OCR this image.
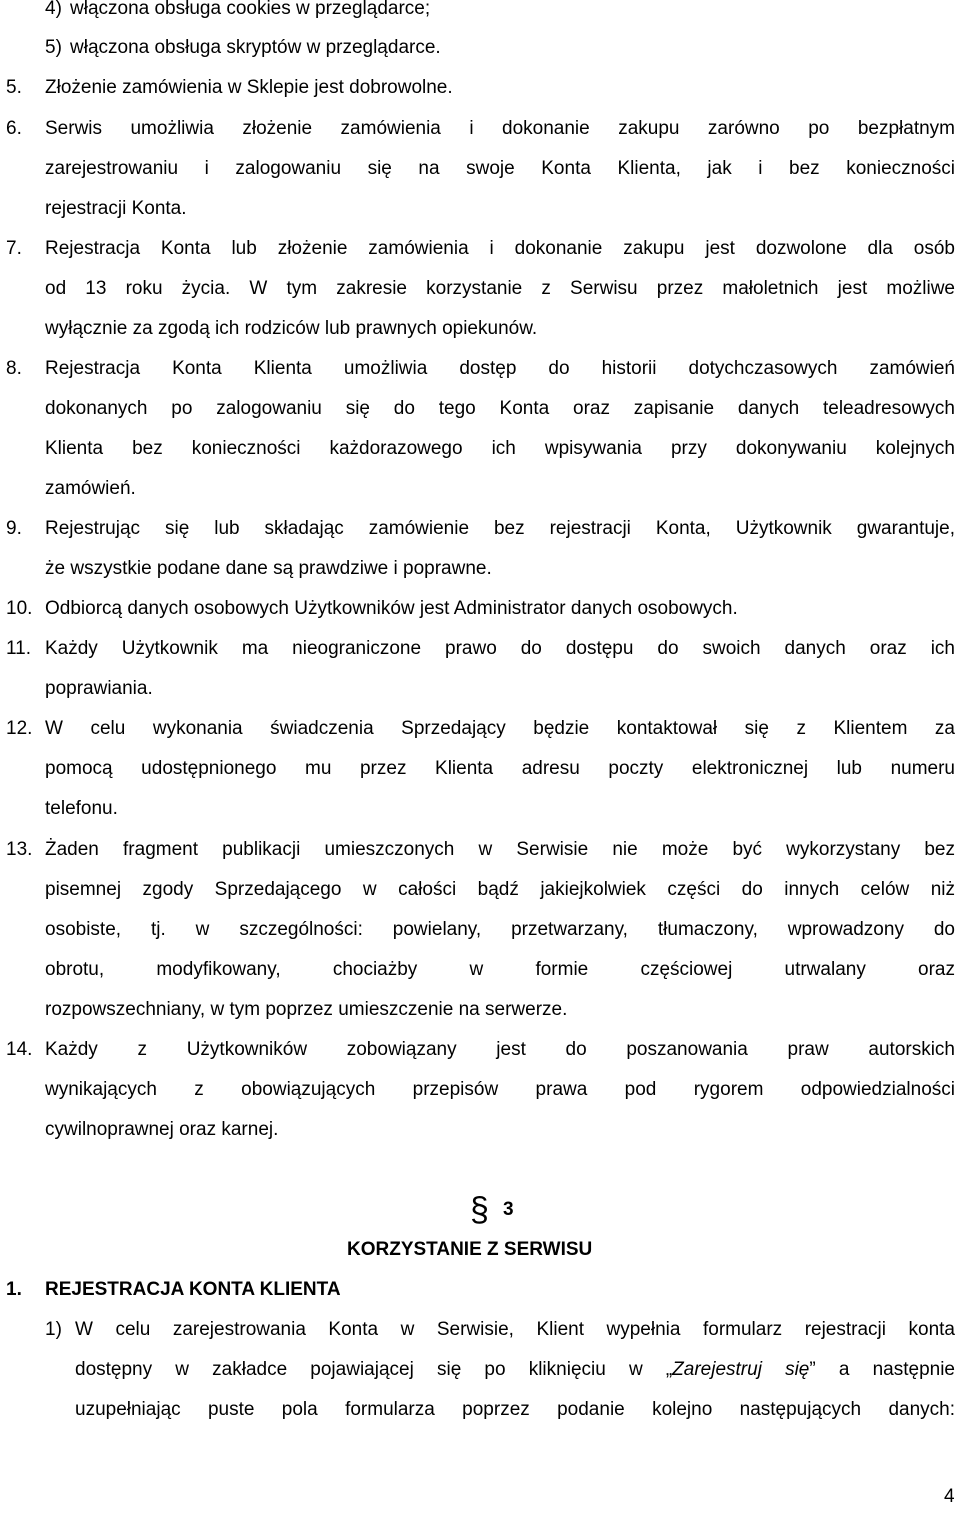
4) włączona obsługa cookies w przeglądarce;
5) włączona obsługa skryptów w przeglądarce.
5. Złożenie zamówienia w Sklepie jest dobrowolne.
6. Serwis umożliwia złożenie zamówienia i dokonanie zakupu zarówno po bezpłatnym
zarejestrowaniu i zalogowaniu się na swoje Konta Klienta, jak i bez konieczności
rejestracji Konta.
7. Rejestracja Konta lub złożenie zamówienia i dokonanie zakupu jest dozwolone dla osób
od 13 roku życia. W tym zakresie korzystanie z Serwisu przez małoletnich jest możliwe
wyłącznie za zgodą ich rodziców lub prawnych opiekunów.
8. Rejestracja Konta Klienta umożliwia dostęp do historii dotychczasowych zamówień
dokonanych po zalogowaniu się do tego Konta oraz zapisanie danych teleadresowych
Klienta bez konieczności każdorazowego ich wpisywania przy dokonywaniu kolejnych
zamówień.
9. Rejestrując się lub składając zamówienie bez rejestracji Konta, Użytkownik gwarantuje,
że wszystkie podane dane są prawdziwe i poprawne.
10. Odbiorcą danych osobowych Użytkowników jest Administrator danych osobowych.
11. Każdy Użytkownik ma nieograniczone prawo do dostępu do swoich danych oraz ich
poprawiania.
12. W celu wykonania świadczenia Sprzedający będzie kontaktował się z Klientem za
pomocą udostępnionego mu przez Klienta adresu poczty elektronicznej lub numeru
telefonu.
13. Żaden fragment publikacji umieszczonych w Serwisie nie może być wykorzystany bez
pisemnej zgody Sprzedającego w całości bądź jakiejkolwiek części do innych celów niż
osobiste, tj. w szczególności: powielany, przetwarzany, tłumaczony, wprowadzony do
obrotu, modyfikowany, chociażby w formie częściowej utrwalany oraz
rozpowszechniany, w tym poprzez umieszczenie na serwerze.
14. Każdy z Użytkowników zobowiązany jest do poszanowania praw autorskich
wynikających z obowiązujących przepisów prawa pod rygorem odpowiedzialności
cywilnoprawnej oraz karnej.
§ 3
KORZYSTANIE Z SERWISU
1. REJESTRACJA KONTA KLIENTA
1) W celu zarejestrowania Konta w Serwisie, Klient wypełnia formularz rejestracji konta
dostępny w zakładce pojawiającej się po kliknięciu w „Zarejestruj się” a następnie
uzupełniając puste pola formularza poprzez podanie kolejno następujących danych:
4
